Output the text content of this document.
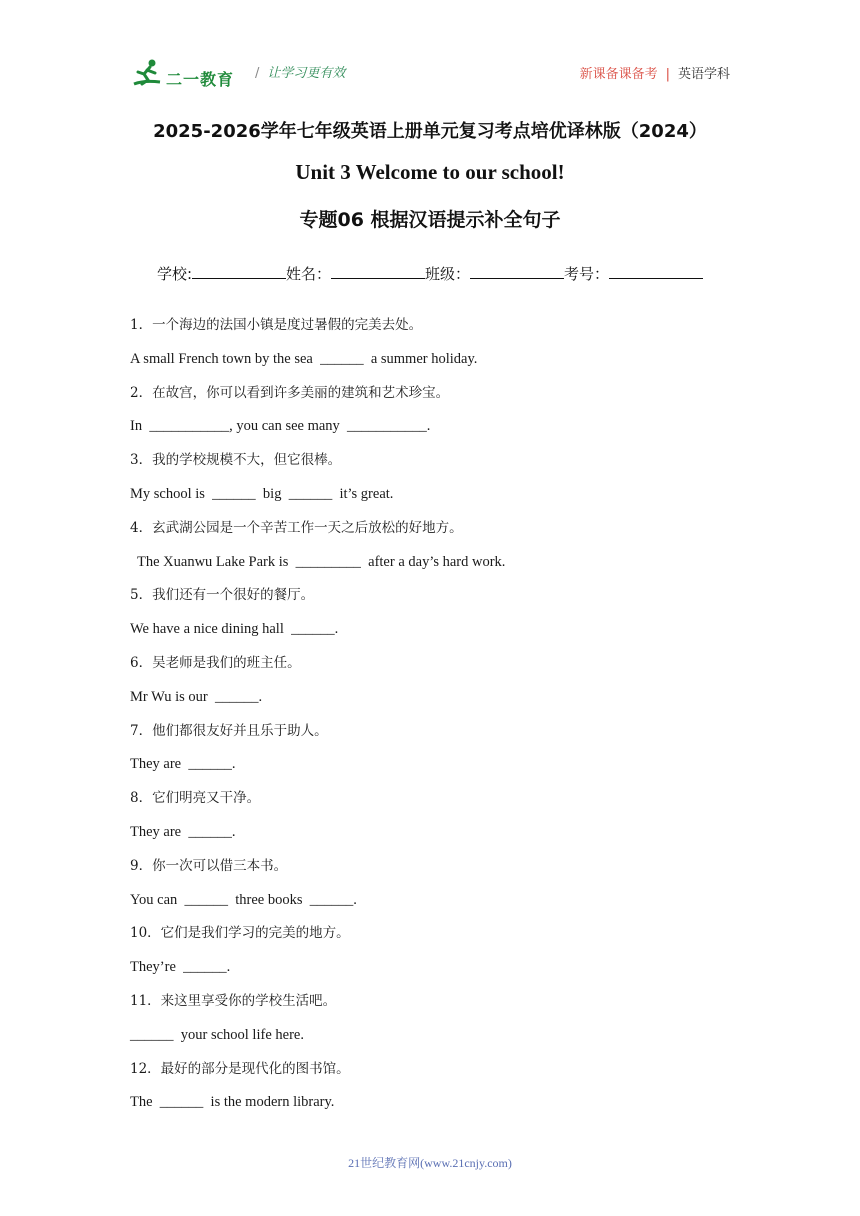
二一教育 / 让学习更有效	新课备课备考 | 英语学科
2025-2026学年七年级英语上册单元复习考点培优译林版（2024）
Unit 3 Welcome to our school!
专题06 根据汉语提示补全句子
学校:	姓名：	班级：	考号：
1．一个海边的法国小镇是度过暑假的完美去处。
A small French town by the sea  ______  a summer holiday.
2．在故宫，你可以看到许多美丽的建筑和艺术珍宝。
In  ___________, you can see many  ___________.
3．我的学校规模不大，但它很棒。
My school is  ______  big  ______  it’s great.
4．玄武湖公园是一个辛苦工作一天之后放松的好地方。
The Xuanwu Lake Park is  _________  after a day’s hard work.
5．我们还有一个很好的餐厅。
We have a nice dining hall  ______.
6．吴老师是我们的班主任。
Mr Wu is our  ______.
7．他们都很友好并且乐于助人。
They are  ______.
8．它们明亮又干净。
They are  ______.
9．你一次可以借三本书。
You can  ______  three books  ______.
10．它们是我们学习的完美的地方。
They’re  ______.
11．来这里享受你的学校生活吧。
______  your school life here.
12．最好的部分是现代化的图书馆。
The  ______  is the modern library.
21世纪教育网(www.21cnjy.com)
